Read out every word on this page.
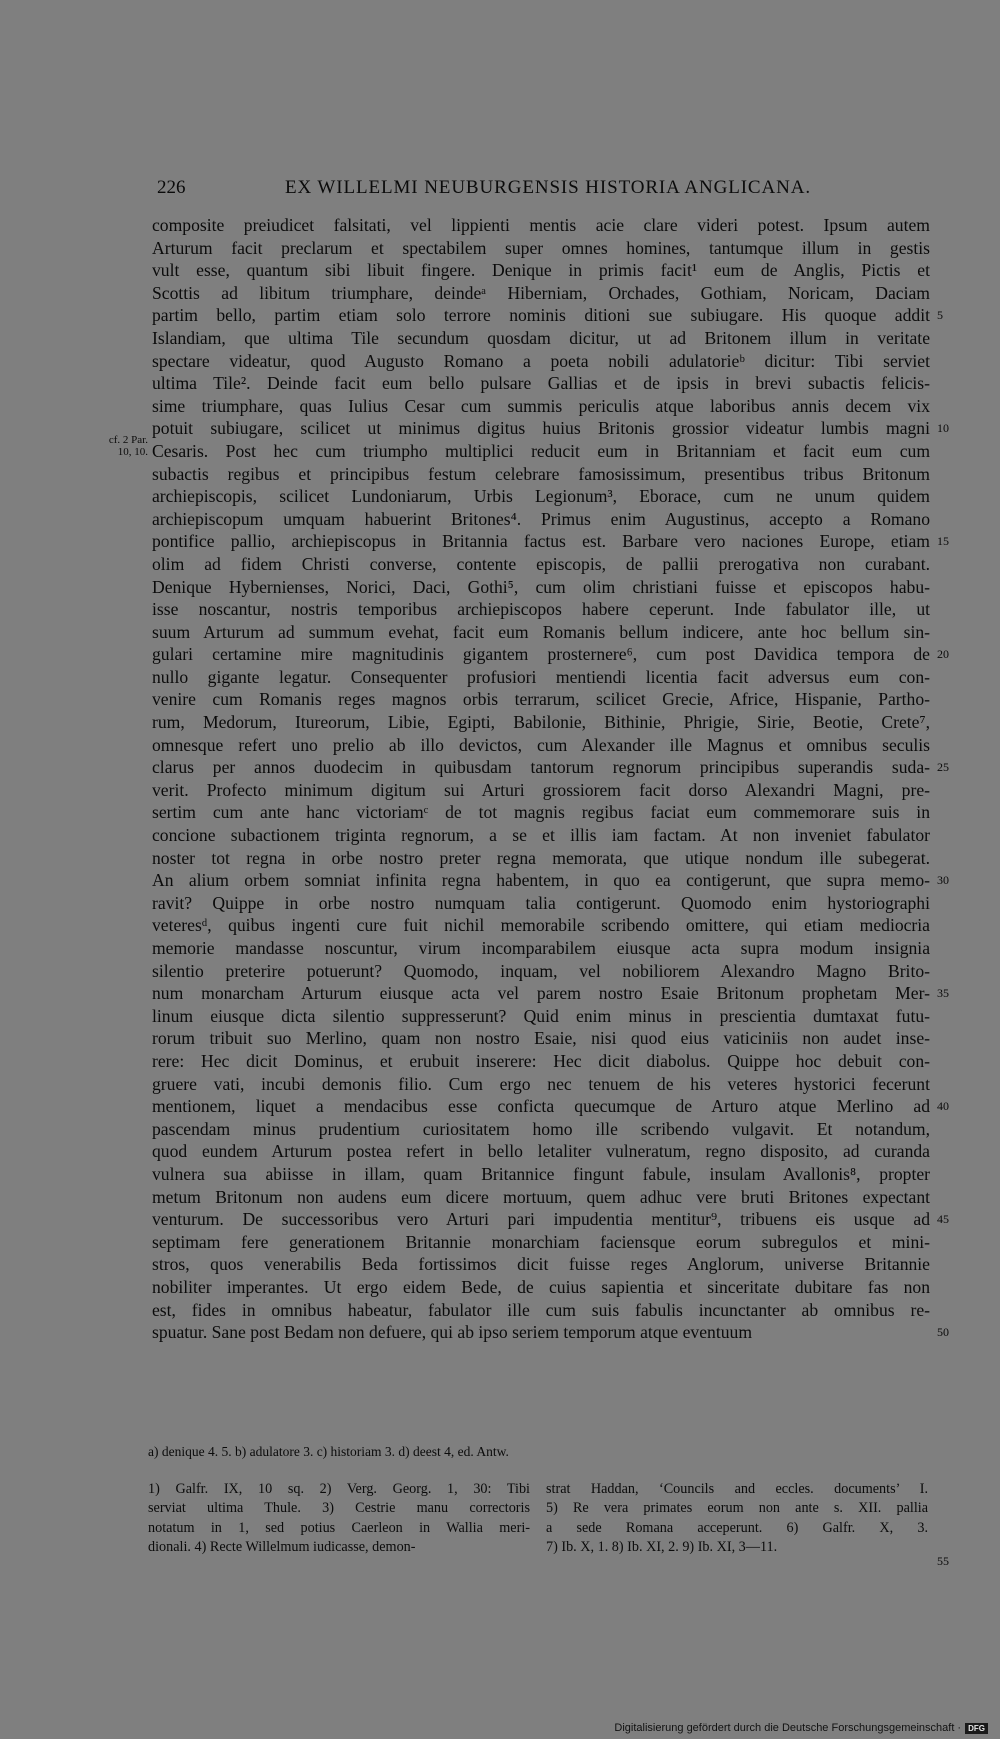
226	EX WILLELMI NEUBURGENSIS HISTORIA ANGLICANA.
cf. 2 Par.
10, 10.
composite preiudicet falsitati, vel lippienti mentis acie clare videri potest. Ipsum autem
Arturum facit preclarum et spectabilem super omnes homines, tantumque illum in gestis
vult esse, quantum sibi libuit fingere. Denique in primis facit¹ eum de Anglis, Pictis et
Scottis ad libitum triumphare, deindeᵃ Hiberniam, Orchades, Gothiam, Noricam, Daciam
partim bello, partim etiam solo terrore nominis ditioni sue subiugare. His quoque addit
Islandiam, que ultima Tile secundum quosdam dicitur, ut ad Britonem illum in veritate
spectare videatur, quod Augusto Romano a poeta nobili adulatorieᵇ dicitur: Tibi serviet
ultima Tile². Deinde facit eum bello pulsare Gallias et de ipsis in brevi subactis felicis-
sime triumphare, quas Iulius Cesar cum summis periculis atque laboribus annis decem vix
potuit subiugare, scilicet ut minimus digitus huius Britonis grossior videatur lumbis magni
Cesaris. Post hec cum triumpho multiplici reducit eum in Britanniam et facit eum cum
subactis regibus et principibus festum celebrare famosissimum, presentibus tribus Britonum
archiepiscopis, scilicet Lundoniarum, Urbis Legionum³, Eborace, cum ne unum quidem
archiepiscopum umquam habuerint Britones⁴. Primus enim Augustinus, accepto a Romano
pontifice pallio, archiepiscopus in Britannia factus est. Barbare vero naciones Europe, etiam
olim ad fidem Christi converse, contente episcopis, de pallii prerogativa non curabant.
Denique Hybernienses, Norici, Daci, Gothi⁵, cum olim christiani fuisse et episcopos habu-
isse noscantur, nostris temporibus archiepiscopos habere ceperunt. Inde fabulator ille, ut
suum Arturum ad summum evehat, facit eum Romanis bellum indicere, ante hoc bellum sin-
gulari certamine mire magnitudinis gigantem prosternere⁶, cum post Davidica tempora de
nullo gigante legatur. Consequenter profusiori mentiendi licentia facit adversus eum con-
venire cum Romanis reges magnos orbis terrarum, scilicet Grecie, Africe, Hispanie, Partho-
rum, Medorum, Itureorum, Libie, Egipti, Babilonie, Bithinie, Phrigie, Sirie, Beotie, Crete⁷,
omnesque refert uno prelio ab illo devictos, cum Alexander ille Magnus et omnibus seculis
clarus per annos duodecim in quibusdam tantorum regnorum principibus superandis suda-
verit. Profecto minimum digitum sui Arturi grossiorem facit dorso Alexandri Magni, pre-
sertim cum ante hanc victoriamᶜ de tot magnis regibus faciat eum commemorare suis in
concione subactionem triginta regnorum, a se et illis iam factam. At non inveniet fabulator
noster tot regna in orbe nostro preter regna memorata, que utique nondum ille subegerat.
An alium orbem somniat infinita regna habentem, in quo ea contigerunt, que supra memo-
ravit? Quippe in orbe nostro numquam talia contigerunt. Quomodo enim hystoriographi
veteresᵈ, quibus ingenti cure fuit nichil memorabile scribendo omittere, qui etiam mediocria
memorie mandasse noscuntur, virum incomparabilem eiusque acta supra modum insignia
silentio preterire potuerunt? Quomodo, inquam, vel nobiliorem Alexandro Magno Brito-
num monarcham Arturum eiusque acta vel parem nostro Esaie Britonum prophetam Mer-
linum eiusque dicta silentio suppresserunt? Quid enim minus in prescientia dumtaxat futu-
rorum tribuit suo Merlino, quam non nostro Esaie, nisi quod eius vaticiniis non audet inse-
rere: Hec dicit Dominus, et erubuit inserere: Hec dicit diabolus. Quippe hoc debuit con-
gruere vati, incubi demonis filio. Cum ergo nec tenuem de his veteres hystorici fecerunt
mentionem, liquet a mendacibus esse conficta quecumque de Arturo atque Merlino ad
pascendam minus prudentium curiositatem homo ille scribendo vulgavit. Et notandum,
quod eundem Arturum postea refert in bello letaliter vulneratum, regno disposito, ad curanda
vulnera sua abiisse in illam, quam Britannice fingunt fabule, insulam Avallonis⁸, propter
metum Britonum non audens eum dicere mortuum, quem adhuc vere bruti Britones expectant
venturum. De successoribus vero Arturi pari impudentia mentitur⁹, tribuens eis usque ad
septimam fere generationem Britannie monarchiam faciensque eorum subregulos et mini-
stros, quos venerabilis Beda fortissimos dicit fuisse reges Anglorum, universe Britannie
nobiliter imperantes. Ut ergo eidem Bede, de cuius sapientia et sinceritate dubitare fas non
est, fides in omnibus habeatur, fabulator ille cum suis fabulis incunctanter ab omnibus re-
spuatur. Sane post Bedam non defuere, qui ab ipso seriem temporum atque eventuum
5
10
15
20
25
30
35
40
45
50
a) denique 4. 5. b) adulatore 3. c) historiam 3. d) deest 4, ed. Antw.
1) Galfr. IX, 10 sq. 2) Verg. Georg. 1, 30: Tibi
serviat ultima Thule. 3) Cestrie manu correctoris
notatum in 1, sed potius Caerleon in Wallia meri-
dionali. 4) Recte Willelmum iudicasse, demon-
strat Haddan, ‘Councils and eccles. documents’ I.
5) Re vera primates eorum non ante s. XII. pallia
a sede Romana acceperunt. 6) Galfr. X, 3.
7) Ib. X, 1. 8) Ib. XI, 2. 9) Ib. XI, 3—11.
55
Digitalisierung gefördert durch die Deutsche Forschungsgemeinschaft · DFG
